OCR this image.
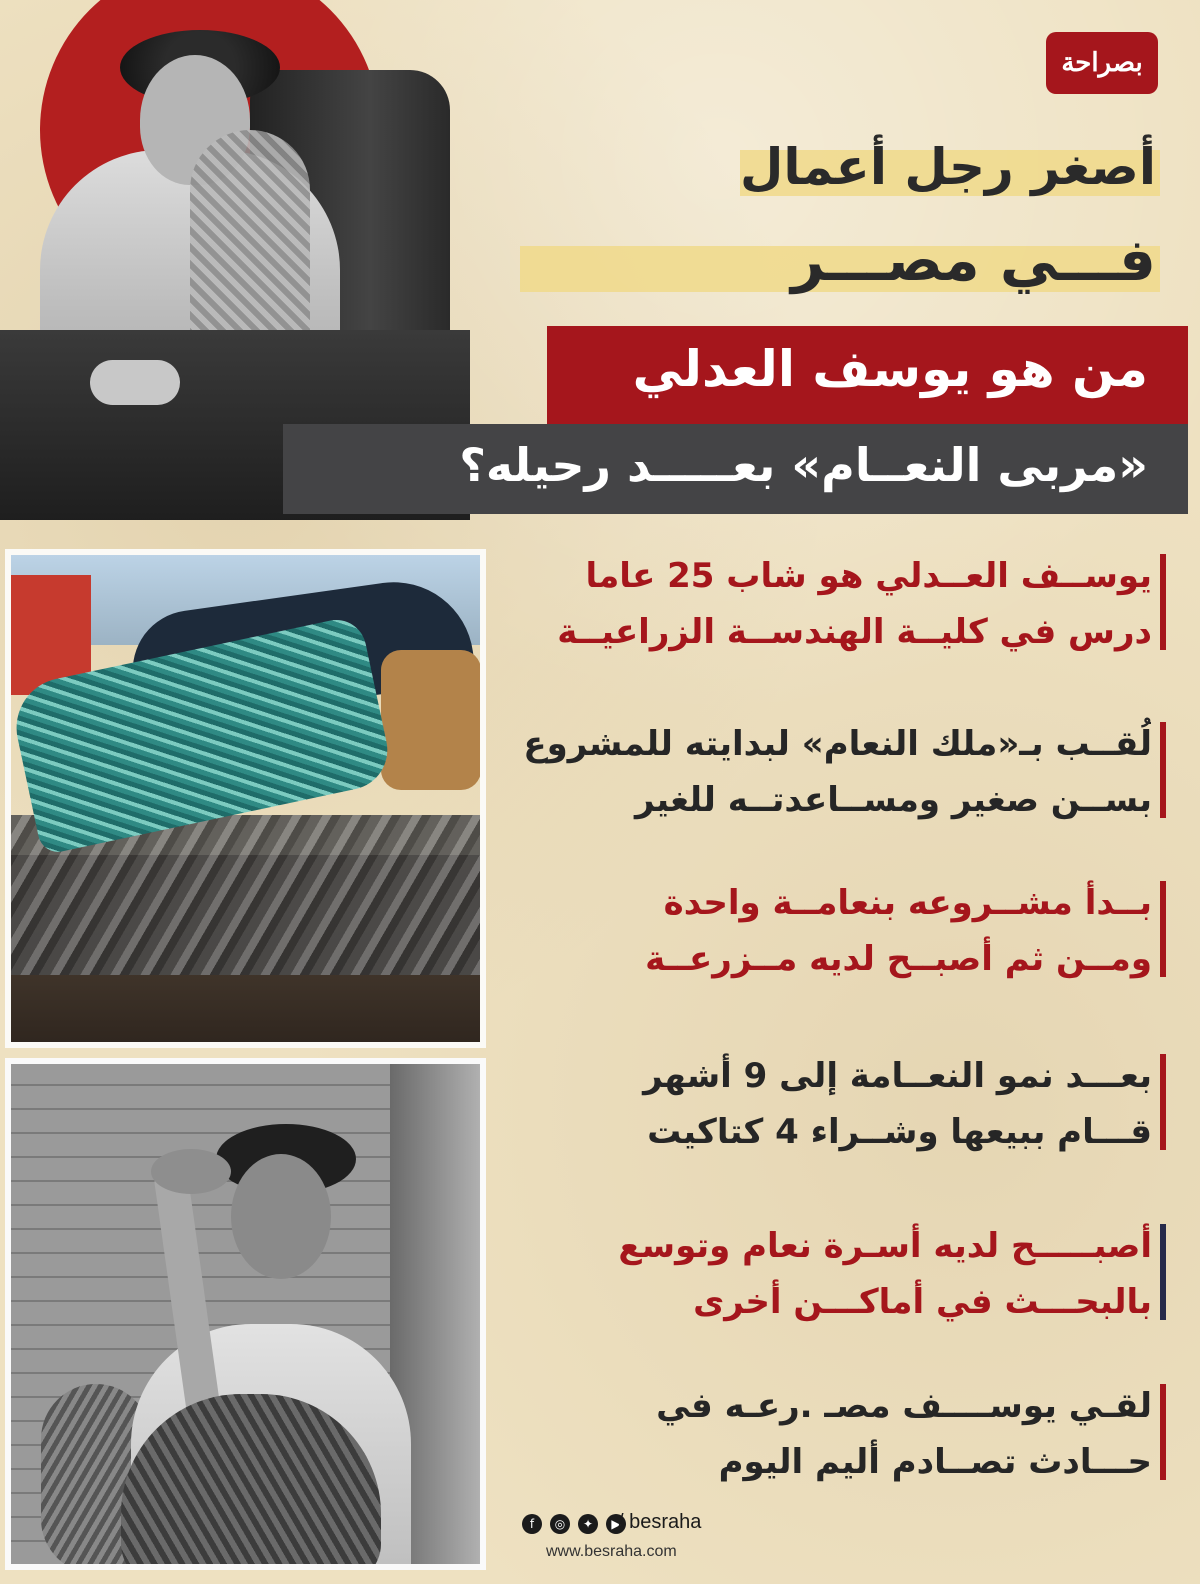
بصراحة
أصغر رجل أعمال
فـــي مصـــر
من هو يوسف العدلي
«مربى النعــام» بعـــــد رحيله؟
يوســف العــدلي هو شاب 25 عاما
درس في كليــة الهندســة الزراعيــة
لُقــب بـ«ملك النعام» لبدايته للمشروع
بســن صغير ومســاعدتــه للغير
بــدأ مشــروعه بنعامــة واحدة
ومــن ثم أصبــح لديه مــزرعــة
بعـــد نمو النعــامة إلى 9 أشهر
قـــام ببيعها وشــراء 4 كتاكيت
أصبـــــح لديه أسـرة نعام وتوسع
بالبحـــث في أماكـــن أخرى
لقـي يوســــف مصـ .رعـه في
حـــادث تصــادم أليم اليوم
f	◎	✦	▶
/ besraha
www.besraha.com
